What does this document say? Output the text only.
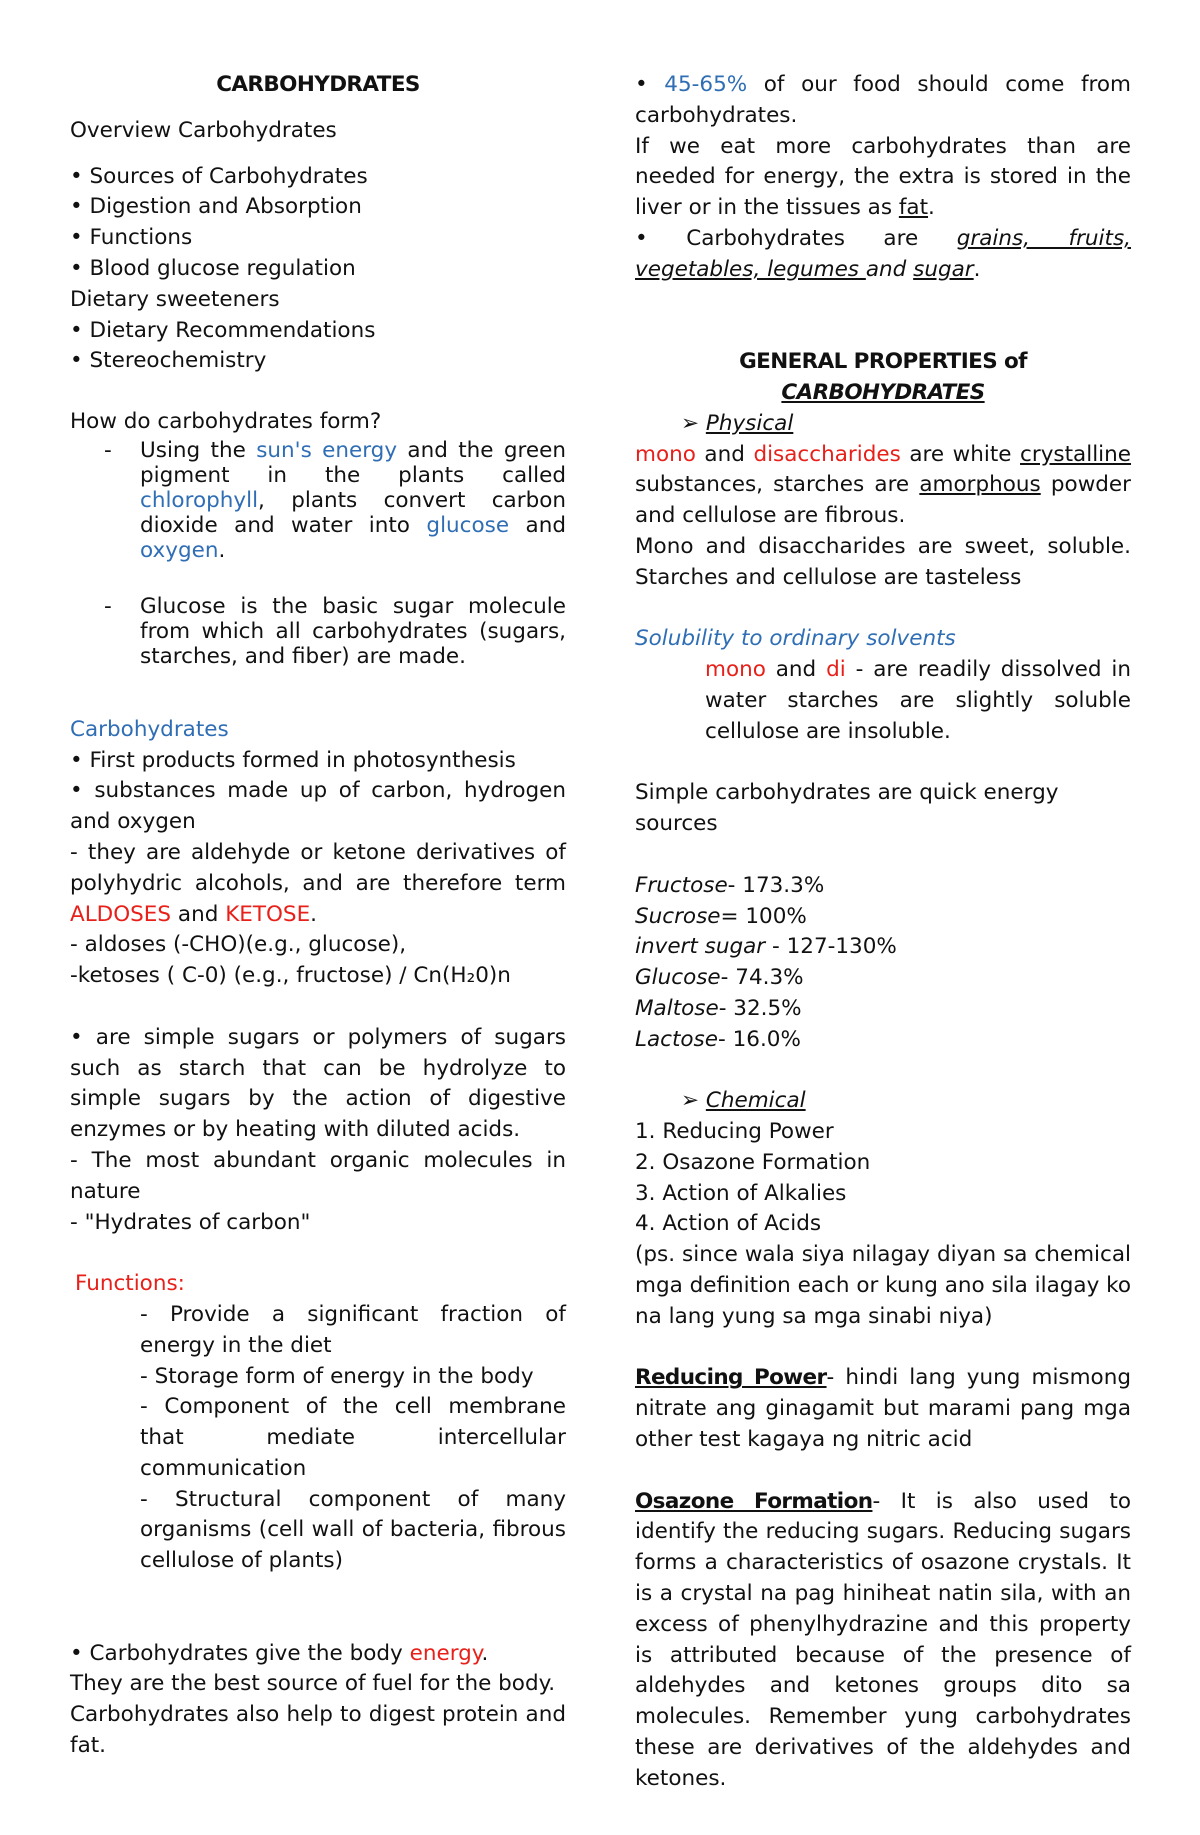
CARBOHYDRATES

Overview Carbohydrates

• Sources of Carbohydrates

• Digestion and Absorption

• Functions

• Blood glucose regulation

Dietary sweeteners

• Dietary Recommendations

• Stereochemistry

How do carbohydrates form?

-	Using the sun's energy and the green pigment in the plants called chlorophyll, plants convert carbon dioxide and water into glucose and oxygen.
-	Glucose is the basic sugar molecule from which all carbohydrates (sugars, starches, and fiber) are made.

Carbohydrates

• First products formed in photosynthesis

• substances made up of carbon, hydrogen and oxygen

- they are aldehyde or ketone derivatives of polyhydric alcohols, and are therefore term ALDOSES and KETOSE.

- aldoses (-CHO)(e.g., glucose),

-ketoses ( C-0) (e.g., fructose) / Cn(H₂0)n

• are simple sugars or polymers of sugars such as starch that can be hydrolyze to simple sugars by the action of digestive enzymes or by heating with diluted acids.

- The most abundant organic molecules in nature

- "Hydrates of carbon"

Functions:

- Provide a significant fraction of energy in the diet

- Storage form of energy in the body

- Component of the cell membrane that mediate intercellular communication

- Structural component of many organisms (cell wall of bacteria, fibrous cellulose of plants)

• Carbohydrates give the body energy.

They are the best source of fuel for the body.

Carbohydrates also help to digest protein and fat.

• 45-65% of our food should come from carbohydrates.

If we eat more carbohydrates than are needed for energy, the extra is stored in the liver or in the tissues as fat.

• Carbohydrates are grains, fruits, vegetables, legumes and sugar.

GENERAL PROPERTIES of

CARBOHYDRATES

➢ Physical

mono and disaccharides are white crystalline substances, starches are amorphous powder and cellulose are fibrous.

Mono and disaccharides are sweet, soluble. Starches and cellulose are tasteless

Solubility to ordinary solvents

mono and di - are readily dissolved in water starches are slightly soluble cellulose are insoluble.

Simple carbohydrates are quick energy sources

Fructose- 173.3%

Sucrose= 100%

invert sugar - 127-130%

Glucose- 74.3%

Maltose- 32.5%

Lactose- 16.0%

➢ Chemical

1. Reducing Power

2. Osazone Formation

3. Action of Alkalies

4. Action of Acids

(ps. since wala siya nilagay diyan sa chemical mga definition each or kung ano sila ilagay ko na lang yung sa mga sinabi niya)

Reducing Power- hindi lang yung mismong nitrate ang ginagamit but marami pang mga other test kagaya ng nitric acid

Osazone Formation- It is also used to identify the reducing sugars. Reducing sugars forms a characteristics of osazone crystals. It is a crystal na pag hiniheat natin sila, with an excess of phenylhydrazine and this property is attributed because of the presence of aldehydes and ketones groups dito sa molecules. Remember yung carbohydrates these are derivatives of the aldehydes and ketones.
